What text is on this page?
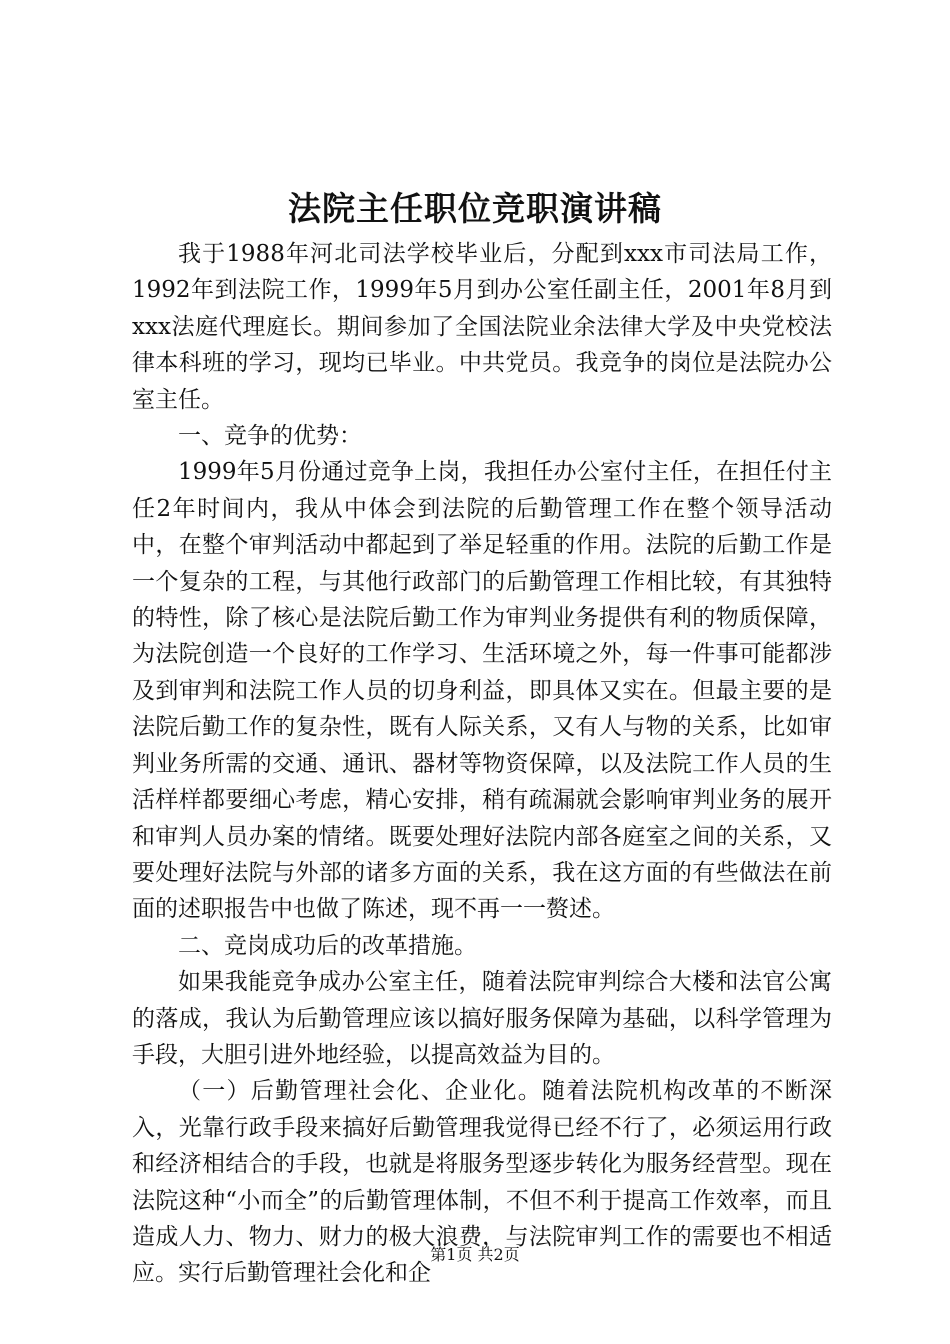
法院主任职位竞职演讲稿

我于1988年河北司法学校毕业后，分配到xxx市司法局工作，1992年到法院工作，1999年5月到办公室任副主任，2001年8月到xxx法庭代理庭长。期间参加了全国法院业余法律大学及中央党校法律本科班的学习，现均已毕业。中共党员。我竞争的岗位是法院办公室主任。

一、竞争的优势：

1999年5月份通过竞争上岗，我担任办公室付主任，在担任付主任2年时间内，我从中体会到法院的后勤管理工作在整个领导活动中，在整个审判活动中都起到了举足轻重的作用。法院的后勤工作是一个复杂的工程，与其他行政部门的后勤管理工作相比较，有其独特的特性，除了核心是法院后勤工作为审判业务提供有利的物质保障，为法院创造一个良好的工作学习、生活环境之外，每一件事可能都涉及到审判和法院工作人员的切身利益，即具体又实在。但最主要的是法院后勤工作的复杂性，既有人际关系，又有人与物的关系，比如审判业务所需的交通、通讯、器材等物资保障，以及法院工作人员的生活样样都要细心考虑，精心安排，稍有疏漏就会影响审判业务的展开和审判人员办案的情绪。既要处理好法院内部各庭室之间的关系，又要处理好法院与外部的诸多方面的关系，我在这方面的有些做法在前面的述职报告中也做了陈述，现不再一一赘述。

二、竞岗成功后的改革措施。

如果我能竞争成办公室主任，随着法院审判综合大楼和法官公寓的落成，我认为后勤管理应该以搞好服务保障为基础，以科学管理为手段，大胆引进外地经验，以提高效益为目的。

（一）后勤管理社会化、企业化。随着法院机构改革的不断深入，光靠行政手段来搞好后勤管理我觉得已经不行了，必须运用行政和经济相结合的手段，也就是将服务型逐步转化为服务经营型。现在法院这种“小而全”的后勤管理体制，不但不利于提高工作效率，而且造成人力、物力、财力的极大浪费，与法院审判工作的需要也不相适应。实行后勤管理社会化和企

第1页 共2页
